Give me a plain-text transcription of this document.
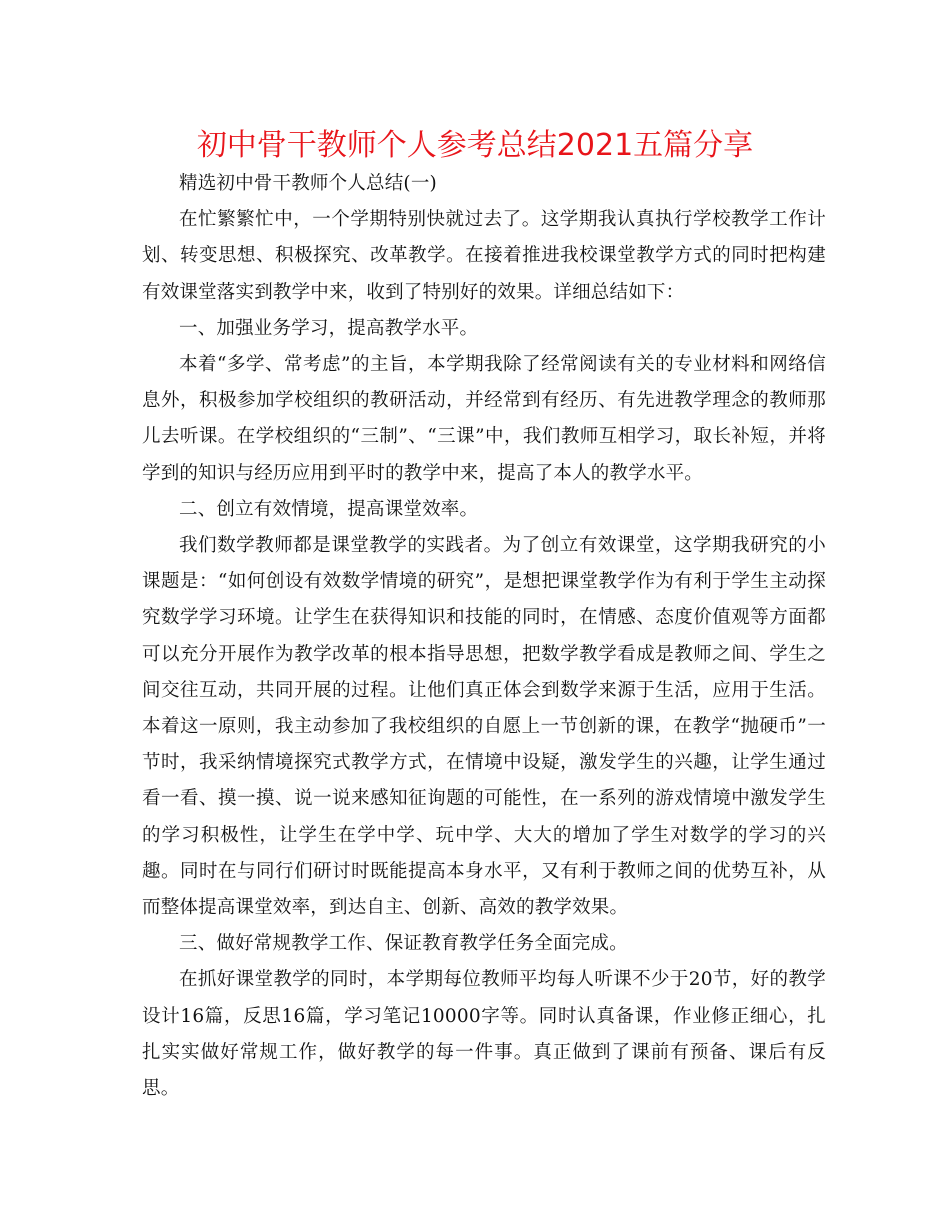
初中骨干教师个人参考总结2021五篇分享

精选初中骨干教师个人总结(一)

在忙繁繁忙中，一个学期特别快就过去了。这学期我认真执行学校教学工作计划、转变思想、积极探究、改革教学。在接着推进我校课堂教学方式的同时把构建有效课堂落实到教学中来，收到了特别好的效果。详细总结如下：

一、加强业务学习，提高教学水平。

本着“多学、常考虑”的主旨，本学期我除了经常阅读有关的专业材料和网络信息外，积极参加学校组织的教研活动，并经常到有经历、有先进教学理念的教师那儿去听课。在学校组织的“三制”、“三课”中，我们教师互相学习，取长补短，并将学到的知识与经历应用到平时的教学中来，提高了本人的教学水平。

二、创立有效情境，提高课堂效率。

我们数学教师都是课堂教学的实践者。为了创立有效课堂，这学期我研究的小课题是：“如何创设有效数学情境的研究”，是想把课堂教学作为有利于学生主动探究数学学习环境。让学生在获得知识和技能的同时，在情感、态度价值观等方面都可以充分开展作为教学改革的根本指导思想，把数学教学看成是教师之间、学生之间交往互动，共同开展的过程。让他们真正体会到数学来源于生活，应用于生活。本着这一原则，我主动参加了我校组织的自愿上一节创新的课，在教学“抛硬币”一节时，我采纳情境探究式教学方式，在情境中设疑，激发学生的兴趣，让学生通过看一看、摸一摸、说一说来感知征询题的可能性，在一系列的游戏情境中激发学生的学习积极性，让学生在学中学、玩中学、大大的增加了学生对数学的学习的兴趣。同时在与同行们研讨时既能提高本身水平，又有利于教师之间的优势互补，从而整体提高课堂效率，到达自主、创新、高效的教学效果。

三、做好常规教学工作、保证教育教学任务全面完成。

在抓好课堂教学的同时，本学期每位教师平均每人听课不少于20节，好的教学设计16篇，反思16篇，学习笔记10000字等。同时认真备课，作业修正细心，扎扎实实做好常规工作，做好教学的每一件事。真正做到了课前有预备、课后有反思。
